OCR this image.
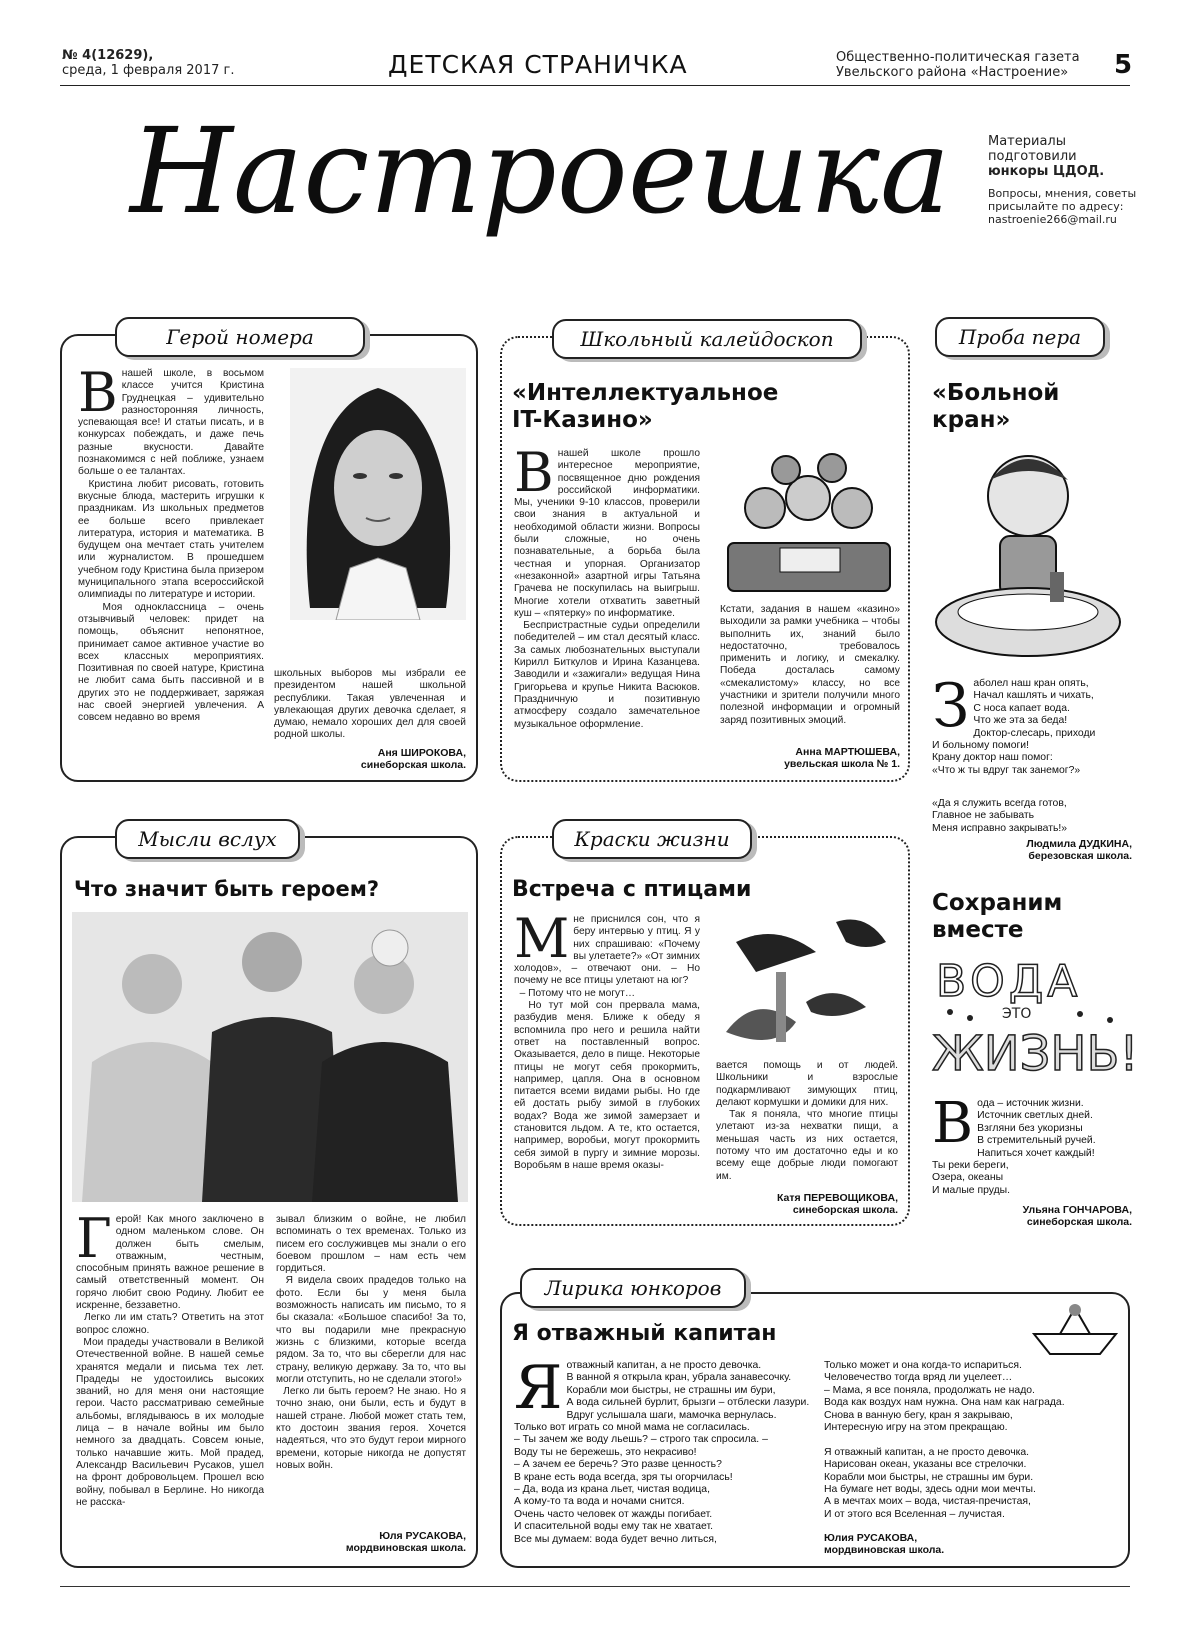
№ 4(12629),
среда, 1 февраля 2017 г.	ДЕТСКАЯ СТРАНИЧКА	Общественно-политическая газета
Увельского района «Настроение»	5
Настроешка	Материалы
подготовили
юнкоры ЦДОД.
Вопросы, мнения, советы
присылайте по адресу:
nastroenie266@mail.ru
Герой номера
Внашей школе, в восьмом классе учится Кристина Груднецкая – удивительно разносторонняя личность, успевающая все! И статьи писать, и в конкурсах побеждать, и даже печь разные вкусности. Давайте познакомимся с ней поближе, узнаем больше о ее талантах.
Кристина любит рисовать, готовить вкусные блюда, мастерить игрушки к праздникам. Из школьных предметов ее больше всего привлекает литература, история и математика. В будущем она мечтает стать учителем или журналистом. В прошедшем учебном году Кристина была призером муниципального этапа всероссийской олимпиады по литературе и истории.
Моя одноклассница – очень отзывчивый человек: придет на помощь, объяснит непонятное, принимает самое активное участие во всех классных мероприятиях. Позитивная по своей натуре, Кристина не любит сама быть пассивной и в других это не поддерживает, заряжая нас своей энергией увлечения. А совсем недавно во время
школьных выборов мы избрали ее президентом нашей школьной республики. Такая увлеченная и увлекающая других девочка сделает, я думаю, немало хороших дел для своей родной школы.
Аня ШИРОКОВА,
синеборская школа.
Школьный калейдоскоп
«Интеллектуальное IT-Казино»
Внашей школе прошло интересное мероприятие, посвященное дню рождения российской информатики. Мы, ученики 9-10 классов, проверили свои знания в актуальной и необходимой области жизни. Вопросы были сложные, но очень познавательные, а борьба была честная и упорная. Организатор «незаконной» азартной игры Татьяна Грачева не поскупилась на выигрыш. Многие хотели отхватить заветный куш – «пятерку» по информатике.
Беспристрастные судьи определили победителей – им стал десятый класс. За самых любознательных выступали Кирилл Биткулов и Ирина Казанцева. Заводили и «зажигали» ведущая Нина Григорьева и крупье Никита Васюков. Праздничную и позитивную атмосферу создало замечательное музыкальное оформление.
Кстати, задания в нашем «казино» выходили за рамки учебника – чтобы выполнить их, знаний было недостаточно, требовалось применить и логику, и смекалку. Победа досталась самому «смекалистому» классу, но все участники и зрители получили много полезной информации и огромный заряд позитивных эмоций.
Анна МАРТЮШЕВА,
увельская школа № 1.
Проба пера
«Больной кран»
Заболел наш кран опять,
Начал кашлять и чихать,
С носа капает вода.
Что же эта за беда!
Доктор-слесарь, приходи
И больному помоги!
Крану доктор наш помог:
«Что ж ты вдруг так занемог?»
«Да я служить всегда готов,
Главное не забывать
Меня исправно закрывать!»
Людмила ДУДКИНА,
березовская школа.
Мысли вслух
Что значит быть героем?
Герой! Как много заключено в одном маленьком слове. Он должен быть смелым, отважным, честным, способным принять важное решение в самый ответственный момент. Он горячо любит свою Родину. Любит ее искренне, беззаветно.
Легко ли им стать? Ответить на этот вопрос сложно.
Мои прадеды участвовали в Великой Отечественной войне. В нашей семье хранятся медали и письма тех лет. Прадеды не удостоились высоких званий, но для меня они настоящие герои. Часто рассматриваю семейные альбомы, вглядываюсь в их молодые лица – в начале войны им было немного за двадцать. Совсем юные, только начавшие жить. Мой прадед, Александр Васильевич Русаков, ушел на фронт добровольцем. Прошел всю войну, побывал в Берлине. Но никогда не расска-
зывал близким о войне, не любил вспоминать о тех временах. Только из писем его сослуживцев мы знали о его боевом прошлом – нам есть чем гордиться.
Я видела своих прадедов только на фото. Если бы у меня была возможность написать им письмо, то я бы сказала: «Большое спасибо! За то, что вы подарили мне прекрасную жизнь с близкими, которые всегда рядом. За то, что вы сберегли для нас страну, великую державу. За то, что вы могли отступить, но не сделали этого!»
Легко ли быть героем? Не знаю. Но я точно знаю, они были, есть и будут в нашей стране. Любой может стать тем, кто достоин звания героя. Хочется надеяться, что это будут герои мирного времени, которые никогда не допустят новых войн.
Юля РУСАКОВА,
мордвиновская школа.
Краски жизни
Встреча с птицами
Мне приснился сон, что я беру интервью у птиц. Я у них спрашиваю: «Почему вы улетаете?» «От зимних холодов», – отвечают они. – Но почему не все птицы улетают на юг?
– Потому что не могут…
Но тут мой сон прервала мама, разбудив меня. Ближе к обеду я вспомнила про него и решила найти ответ на поставленный вопрос. Оказывается, дело в пище. Некоторые птицы не могут себя прокормить, например, цапля. Она в основном питается всеми видами рыбы. Но где ей достать рыбу зимой в глубоких водах? Вода же зимой замерзает и становится льдом. А те, кто остается, например, воробьи, могут прокормить себя зимой в пургу и зимние морозы. Воробьям в наше время оказы-
вается помощь и от людей. Школьники и взрослые подкармливают зимующих птиц, делают кормушки и домики для них.
Так я поняла, что многие птицы улетают из-за нехватки пищи, а меньшая часть из них остается, потому что им достаточно еды и ко всему еще добрые люди помогают им.
Катя ПЕРЕВОЩИКОВА,
синеборская школа.
Сохраним вместе
ВОДА
ЭТО
ЖИЗНЬ!
Вода – источник жизни.
Источник светлых дней.
Взгляни без укоризны
В стремительный ручей.
Напиться хочет каждый!
Ты реки береги,
Озера, океаны
И малые пруды.
Ульяна ГОНЧАРОВА,
синеборская школа.
Лирика юнкоров
Я отважный капитан
Яотважный капитан, а не просто девочка.
В ванной я открыла кран, убрала занавесочку.
Корабли мои быстры, не страшны им бури,
А вода сильней бурлит, брызги – отблески лазури.
Вдруг услышала шаги, мамочка вернулась.
Только вот играть со мной мама не согласилась.
– Ты зачем же воду льешь? – строго так спросила. –
Воду ты не бережешь, это некрасиво!
– А зачем ее беречь? Это разве ценность?
В кране есть вода всегда, зря ты огорчилась!
– Да, вода из крана льет, чистая водица,
А кому-то та вода и ночами снится.
Очень часто человек от жажды погибает.
И спасительной воды ему так не хватает.
Все мы думаем: вода будет вечно литься,
Только может и она когда-то испариться.
Человечество тогда вряд ли уцелеет…
– Мама, я все поняла, продолжать не надо.
Вода как воздух нам нужна. Она нам как награда.
Снова в ванную бегу, кран я закрываю,
Интересную игру на этом прекращаю.

Я отважный капитан, а не просто девочка.
Нарисован океан, указаны все стрелочки.
Корабли мои быстры, не страшны им бури.
На бумаге нет воды, здесь одни мои мечты.
А в мечтах моих – вода, чистая-пречистая,
И от этого вся Вселенная – лучистая.
Юлия РУСАКОВА,
мордвиновская школа.
